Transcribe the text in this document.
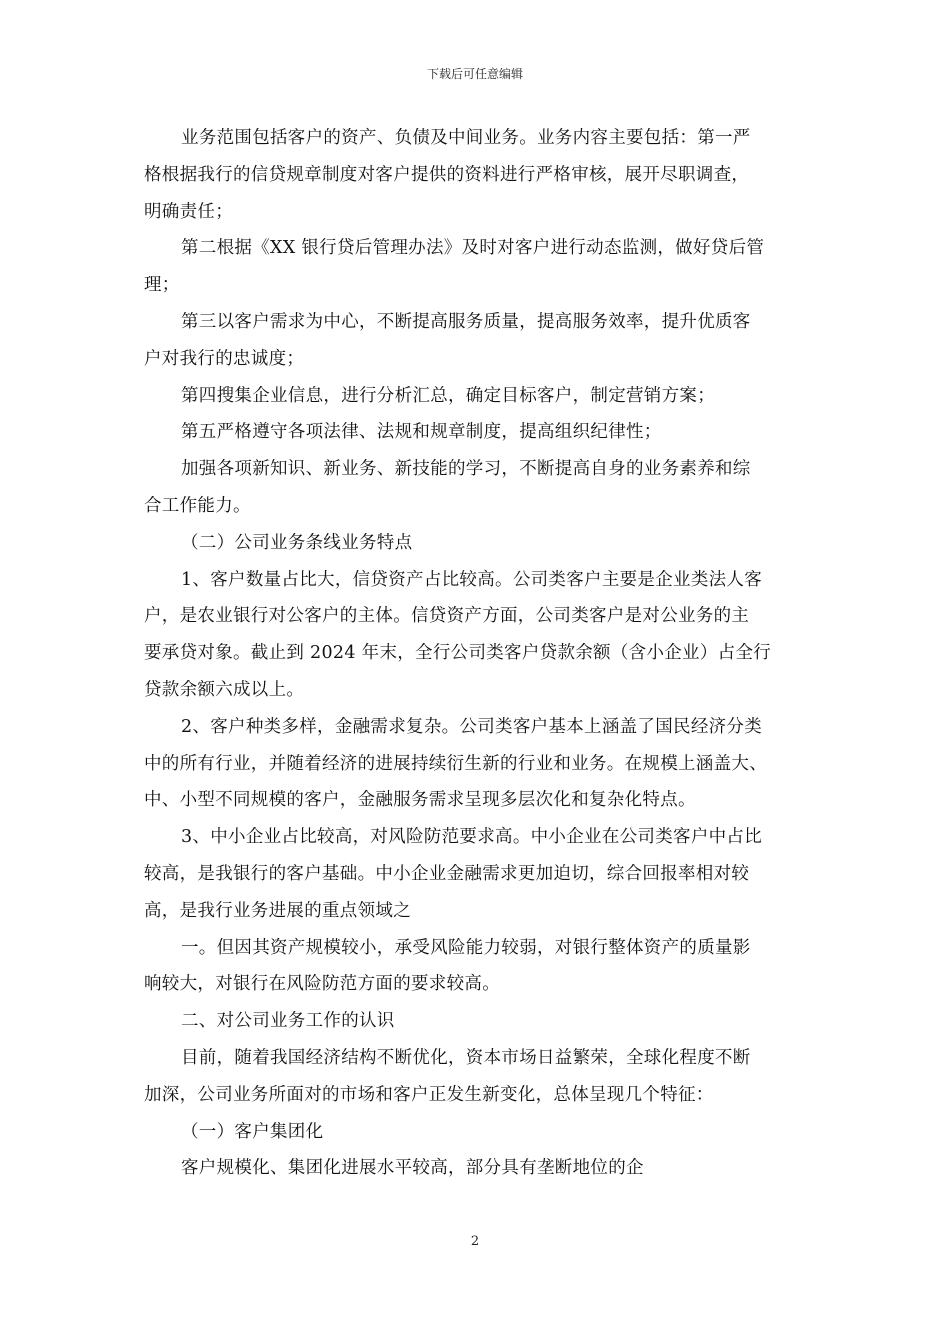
下载后可任意编辑
业务范围包括客户的资产、负债及中间业务。业务内容主要包括：第一严
格根据我行的信贷规章制度对客户提供的资料进行严格审核，展开尽职调查，
明确责任；
第二根据《XX 银行贷后管理办法》及时对客户进行动态监测，做好贷后管
理；
第三以客户需求为中心，不断提高服务质量，提高服务效率，提升优质客
户对我行的忠诚度；
第四搜集企业信息，进行分析汇总，确定目标客户，制定营销方案；
第五严格遵守各项法律、法规和规章制度，提高组织纪律性；
加强各项新知识、新业务、新技能的学习，不断提高自身的业务素养和综
合工作能力。
（二）公司业务条线业务特点
1、客户数量占比大，信贷资产占比较高。公司类客户主要是企业类法人客
户，是农业银行对公客户的主体。信贷资产方面，公司类客户是对公业务的主
要承贷对象。截止到 2024 年末，全行公司类客户贷款余额（含小企业）占全行
贷款余额六成以上。
2、客户种类多样，金融需求复杂。公司类客户基本上涵盖了国民经济分类
中的所有行业，并随着经济的进展持续衍生新的行业和业务。在规模上涵盖大、
中、小型不同规模的客户，金融服务需求呈现多层次化和复杂化特点。
3、中小企业占比较高，对风险防范要求高。中小企业在公司类客户中占比
较高，是我银行的客户基础。中小企业金融需求更加迫切，综合回报率相对较
高，是我行业务进展的重点领域之
一。但因其资产规模较小，承受风险能力较弱，对银行整体资产的质量影
响较大，对银行在风险防范方面的要求较高。
二、对公司业务工作的认识
目前，随着我国经济结构不断优化，资本市场日益繁荣，全球化程度不断
加深，公司业务所面对的市场和客户正发生新变化，总体呈现几个特征：
（一）客户集团化
客户规模化、集团化进展水平较高，部分具有垄断地位的企
2
